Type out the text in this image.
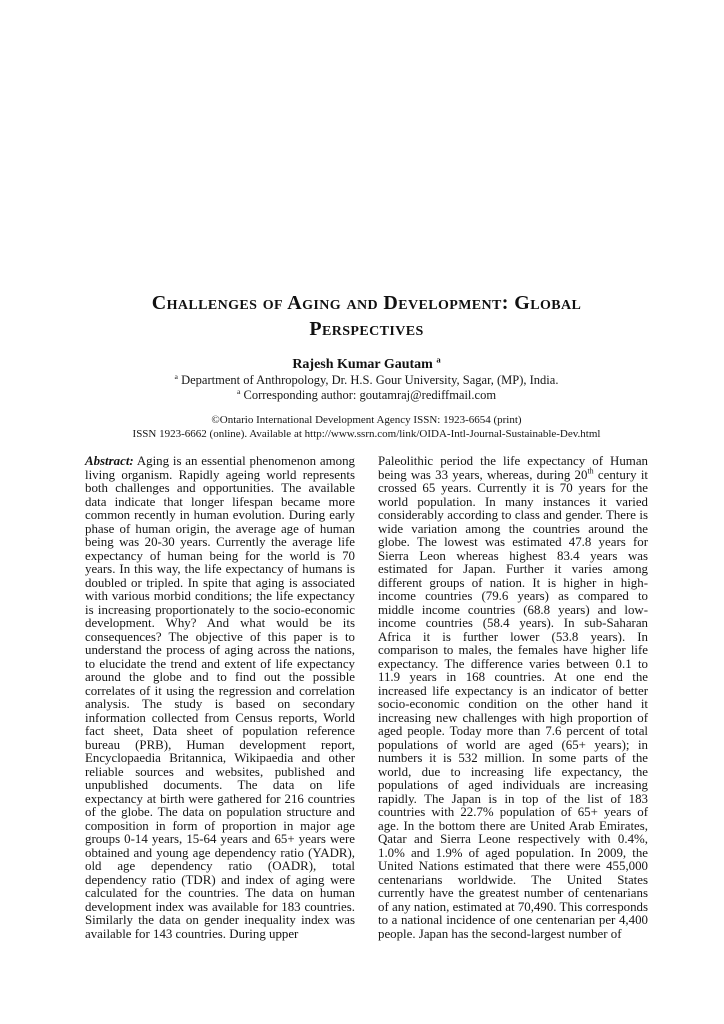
Challenges of Aging and Development: Global
Perspectives
Rajesh Kumar Gautam $^a$
$^a$ Department of Anthropology, Dr. H.S. Gour University, Sagar, (MP), India.
$^a$ Corresponding author: goutamraj@rediffmail.com
©Ontario International Development Agency ISSN: 1923-6654 (print)
ISSN 1923-6662 (online). Available at http://www.ssrn.com/link/OIDA-Intl-Journal-Sustainable-Dev.html
Abstract: Aging is an essential phenomenon among living organism. Rapidly ageing world represents both challenges and opportunities. The available data indicate that longer lifespan became more common recently in human evolution. During early phase of human origin, the average age of human being was 20-30 years. Currently the average life expectancy of human being for the world is 70 years. In this way, the life expectancy of humans is doubled or tripled. In spite that aging is associated with various morbid conditions; the life expectancy is increasing proportionately to the socio-economic development. Why? And what would be its consequences? The objective of this paper is to understand the process of aging across the nations, to elucidate the trend and extent of life expectancy around the globe and to find out the possible correlates of it using the regression and correlation analysis. The study is based on secondary information collected from Census reports, World fact sheet, Data sheet of population reference bureau (PRB), Human development report, Encyclopaedia Britannica, Wikipaedia and other reliable sources and websites, published and unpublished documents. The data on life expectancy at birth were gathered for 216 countries of the globe. The data on population structure and composition in form of proportion in major age groups 0-14 years, 15-64 years and 65+ years were obtained and young age dependency ratio (YADR), old age dependency ratio (OADR), total dependency ratio (TDR) and index of aging were calculated for the countries. The data on human development index was available for 183 countries. Similarly the data on gender inequality index was available for 143 countries. During upper
Paleolithic period the life expectancy of Human being was 33 years, whereas, during 20th century it crossed 65 years. Currently it is 70 years for the world population. In many instances it varied considerably according to class and gender. There is wide variation among the countries around the globe. The lowest was estimated 47.8 years for Sierra Leon whereas highest 83.4 years was estimated for Japan. Further it varies among different groups of nation. It is higher in high-income countries (79.6 years) as compared to middle income countries (68.8 years) and low-income countries (58.4 years). In sub-Saharan Africa it is further lower (53.8 years). In comparison to males, the females have higher life expectancy. The difference varies between 0.1 to 11.9 years in 168 countries. At one end the increased life expectancy is an indicator of better socio-economic condition on the other hand it increasing new challenges with high proportion of aged people. Today more than 7.6 percent of total populations of world are aged (65+ years); in numbers it is 532 million. In some parts of the world, due to increasing life expectancy, the populations of aged individuals are increasing rapidly. The Japan is in top of the list of 183 countries with 22.7% population of 65+ years of age. In the bottom there are United Arab Emirates, Qatar and Sierra Leone respectively with 0.4%, 1.0% and 1.9% of aged population. In 2009, the United Nations estimated that there were 455,000 centenarians worldwide. The United States currently have the greatest number of centenarians of any nation, estimated at 70,490. This corresponds to a national incidence of one centenarian per 4,400 people. Japan has the second-largest number of
